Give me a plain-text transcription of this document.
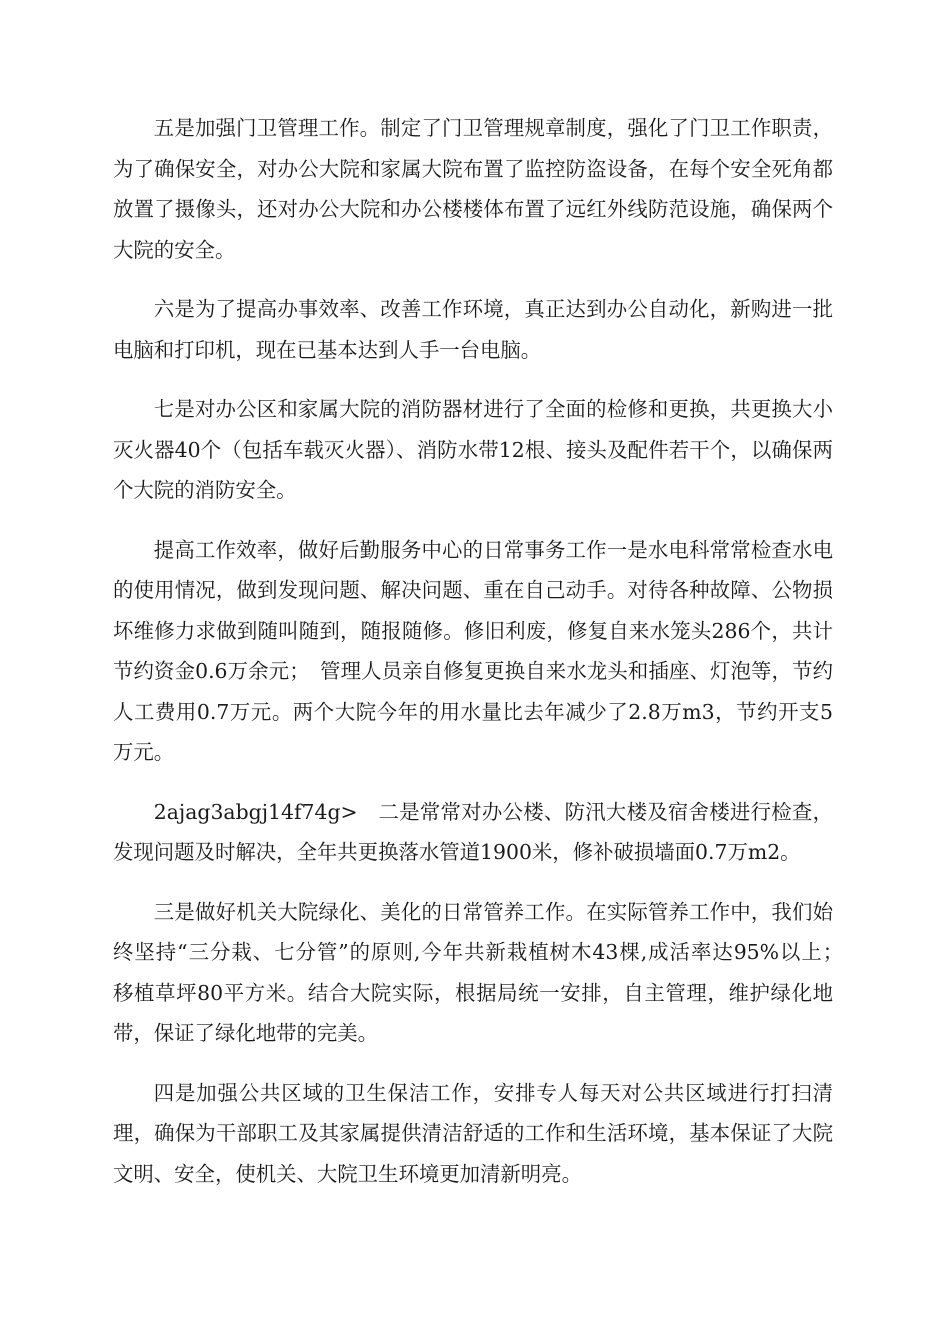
五是加强门卫管理工作。制定了门卫管理规章制度，强化了门卫工作职责，为了确保安全，对办公大院和家属大院布置了监控防盗设备，在每个安全死角都放置了摄像头，还对办公大院和办公楼楼体布置了远红外线防范设施，确保两个大院的安全。

六是为了提高办事效率、改善工作环境，真正达到办公自动化，新购进一批电脑和打印机，现在已基本达到人手一台电脑。

七是对办公区和家属大院的消防器材进行了全面的检修和更换，共更换大小灭火器40个（包括车载灭火器）、消防水带12根、接头及配件若干个，以确保两个大院的消防安全。

提高工作效率，做好后勤服务中心的日常事务工作一是水电科常常检查水电的使用情况，做到发现问题、解决问题、重在自己动手。对待各种故障、公物损坏维修力求做到随叫随到，随报随修。修旧利废，修复自来水笼头286个，共计节约资金0.6万余元；　管理人员亲自修复更换自来水龙头和插座、灯泡等，节约人工费用0.7万元。两个大院今年的用水量比去年减少了2.8万m3，节约开支5万元。

2ajag3abgj14f74g>　二是常常对办公楼、防汛大楼及宿舍楼进行检查，发现问题及时解决，全年共更换落水管道1900米，修补破损墙面0.7万m2。

三是做好机关大院绿化、美化的日常管养工作。在实际管养工作中，我们始终坚持“三分栽、七分管”的原则,今年共新栽植树木43棵,成活率达95%以上；　移植草坪80平方米。结合大院实际，根据局统一安排，自主管理，维护绿化地带，保证了绿化地带的完美。

四是加强公共区域的卫生保洁工作，安排专人每天对公共区域进行打扫清理，确保为干部职工及其家属提供清洁舒适的工作和生活环境，基本保证了大院文明、安全，使机关、大院卫生环境更加清新明亮。
